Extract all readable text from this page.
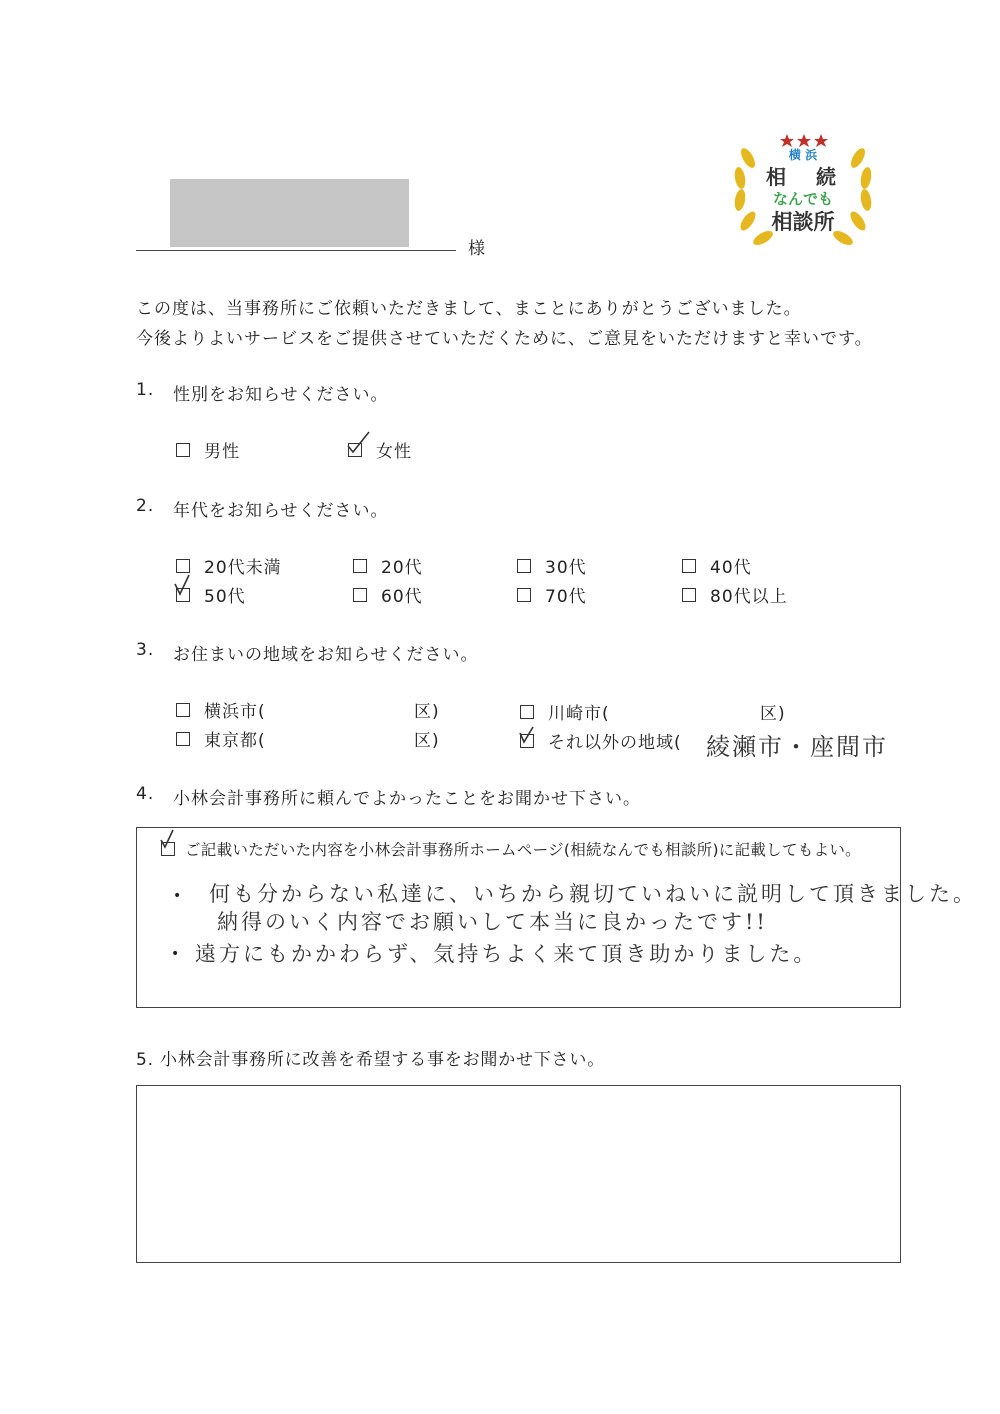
様
横 浜
相 続
なんでも
相談所
この度は、当事務所にご依頼いただきまして、まことにありがとうございました。
今後よりよいサービスをご提供させていただくために、ご意見をいただけますと幸いです。
1. 性別をお知らせください。
男性	女性
2. 年代をお知らせください。
20代未満	20代	30代	40代
50代	60代	70代	80代以上
3. お住まいの地域をお知らせください。
横浜市(	区)	川崎市(	区)
東京都(	区)	それ以外の地域( 綾瀬市・座間市
4. 小林会計事務所に頼んでよかったことをお聞かせ下さい。
ご記載いただいた内容を小林会計事務所ホームページ(相続なんでも相談所)に記載してもよい。
• 何も分からない私達に、いちから親切ていねいに説明して頂きました。
納得のいく内容でお願いして本当に良かったです!!
• 遠方にもかかわらず、気持ちよく来て頂き助かりました。
5. 小林会計事務所に改善を希望する事をお聞かせ下さい。
